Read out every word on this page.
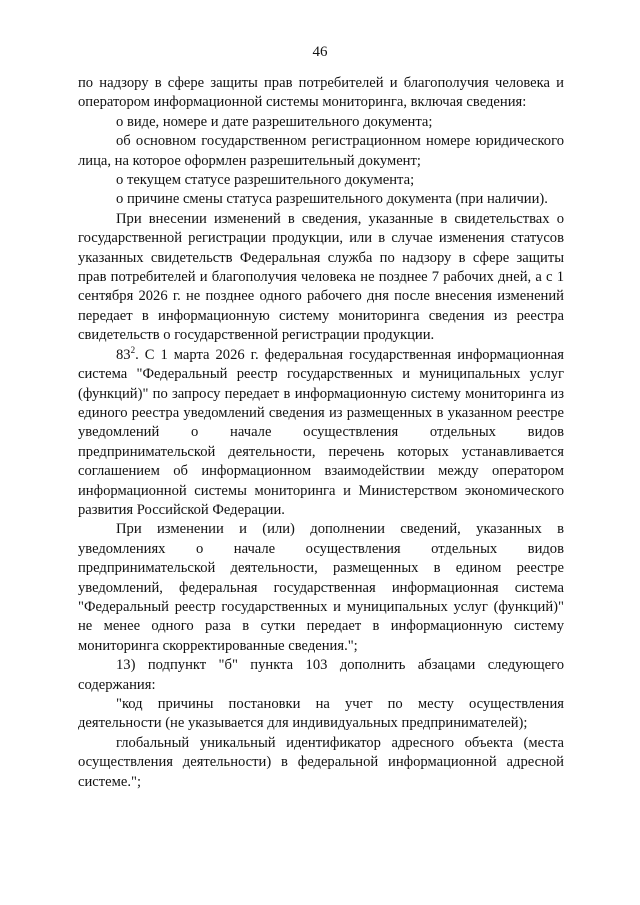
46

по надзору в сфере защиты прав потребителей и благополучия человека и оператором информационной системы мониторинга, включая сведения:

о виде, номере и дате разрешительного документа;

об основном государственном регистрационном номере юридического лица, на которое оформлен разрешительный документ;

о текущем статусе разрешительного документа;

о причине смены статуса разрешительного документа (при наличии).

При внесении изменений в сведения, указанные в свидетельствах о государственной регистрации продукции, или в случае изменения статусов указанных свидетельств Федеральная служба по надзору в сфере защиты прав потребителей и благополучия человека не позднее 7 рабочих дней, а с 1 сентября 2026 г. не позднее одного рабочего дня после внесения изменений передает в информационную систему мониторинга сведения из реестра свидетельств о государственной регистрации продукции.

$83^2$. С 1 марта 2026 г. федеральная государственная информационная система "Федеральный реестр государственных и муниципальных услуг (функций)" по запросу передает в информационную систему мониторинга из единого реестра уведомлений сведения из размещенных в указанном реестре уведомлений о начале осуществления отдельных видов предпринимательской деятельности, перечень которых устанавливается соглашением об информационном взаимодействии между оператором информационной системы мониторинга и Министерством экономического развития Российской Федерации.

При изменении и (или) дополнении сведений, указанных в уведомлениях о начале осуществления отдельных видов предпринимательской деятельности, размещенных в едином реестре уведомлений, федеральная государственная информационная система "Федеральный реестр государственных и муниципальных услуг (функций)" не менее одного раза в сутки передает в информационную систему мониторинга скорректированные сведения.";

13) подпункт "б" пункта 103 дополнить абзацами следующего содержания:

"код причины постановки на учет по месту осуществления деятельности (не указывается для индивидуальных предпринимателей);

глобальный уникальный идентификатор адресного объекта (места осуществления деятельности) в федеральной информационной адресной системе.";
